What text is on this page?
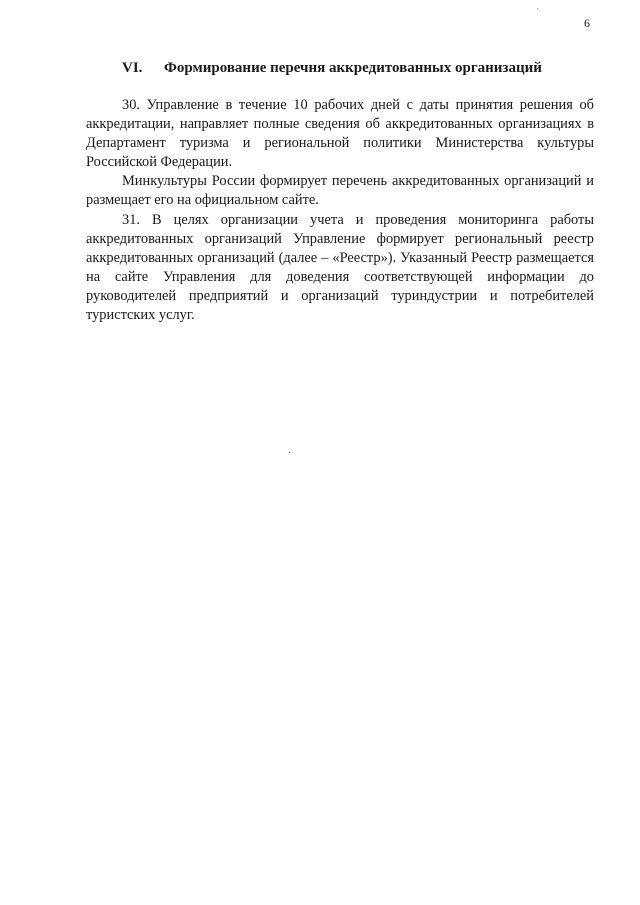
6
VI. Формирование перечня аккредитованных организаций

30. Управление в течение 10 рабочих дней с даты принятия решения об аккредитации, направляет полные сведения об аккредитованных организациях в Департамент туризма и региональной политики Министерства культуры Российской Федерации.

Минкультуры России формирует перечень аккредитованных организаций и размещает его на официальном сайте.

31. В целях организации учета и проведения мониторинга работы аккредитованных организаций Управление формирует региональный реестр аккредитованных организаций (далее – «Реестр»). Указанный Реестр размещается на сайте Управления для доведения соответствующей информации до руководителей предприятий и организаций туриндустрии и потребителей туристских услуг.
